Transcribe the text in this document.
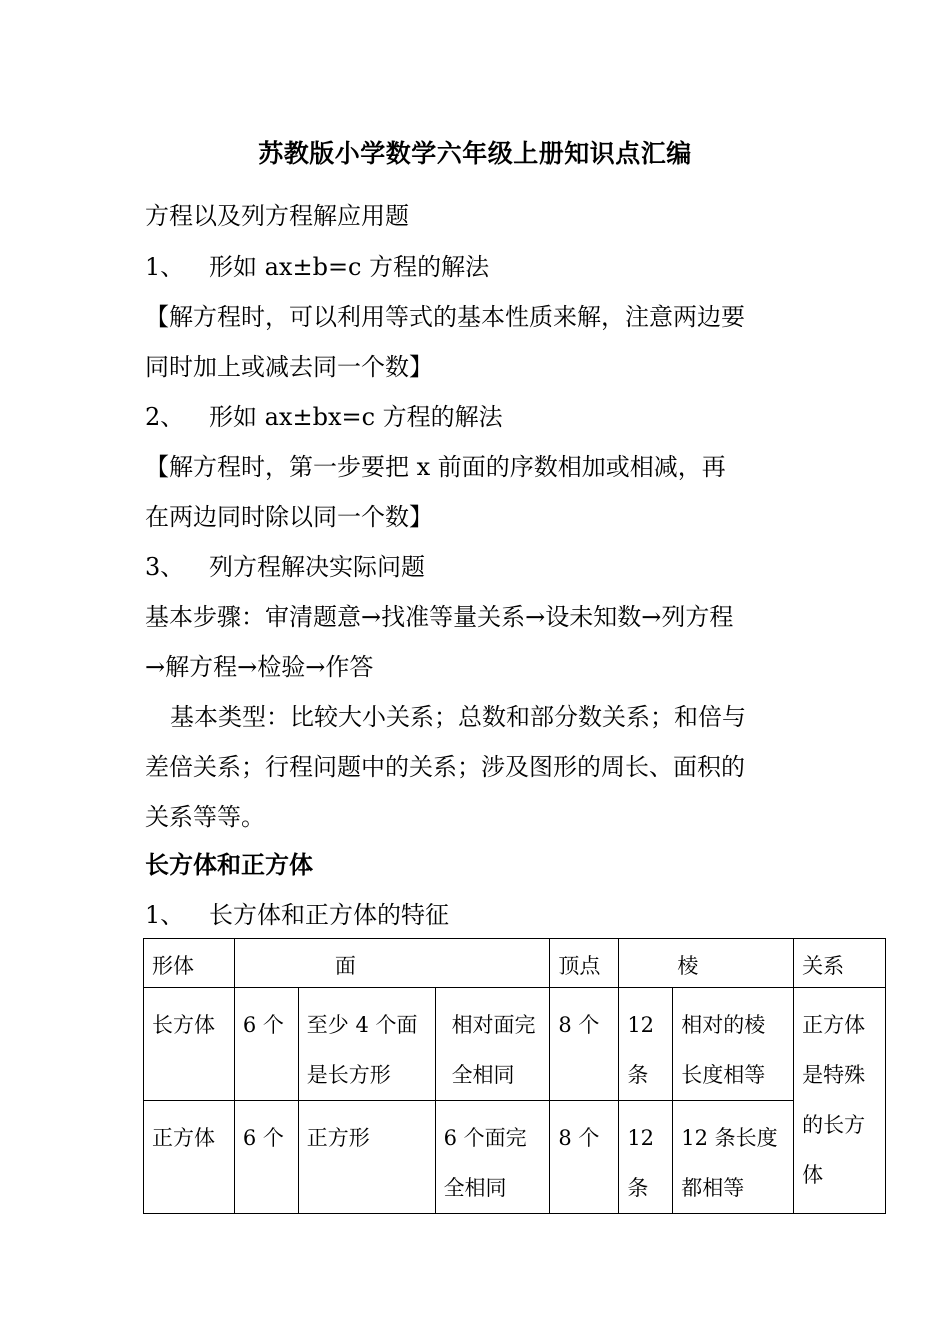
苏教版小学数学六年级上册知识点汇编
方程以及列方程解应用题
1、 形如 ax±b=c 方程的解法
【解方程时，可以利用等式的基本性质来解，注意两边要
同时加上或减去同一个数】
2、 形如 ax±bx=c 方程的解法
【解方程时，第一步要把 x 前面的序数相加或相减，再
在两边同时除以同一个数】
3、 列方程解决实际问题
基本步骤：审清题意→找准等量关系→设未知数→列方程
→解方程→检验→作答
基本类型：比较大小关系；总数和部分数关系；和倍与
差倍关系；行程问题中的关系；涉及图形的周长、面积的
关系等等。
长方体和正方体
1、 长方体和正方体的特征
形体	面			顶点	棱		关系
长方体	6 个	至少 4 个面是长方形	相对面完全相同	8 个	12 条	相对的棱长度相等	正方体是特殊的长方体
正方体	6 个	正方形	6 个面完全相同	8 个	12 条	12 条长度都相等	
